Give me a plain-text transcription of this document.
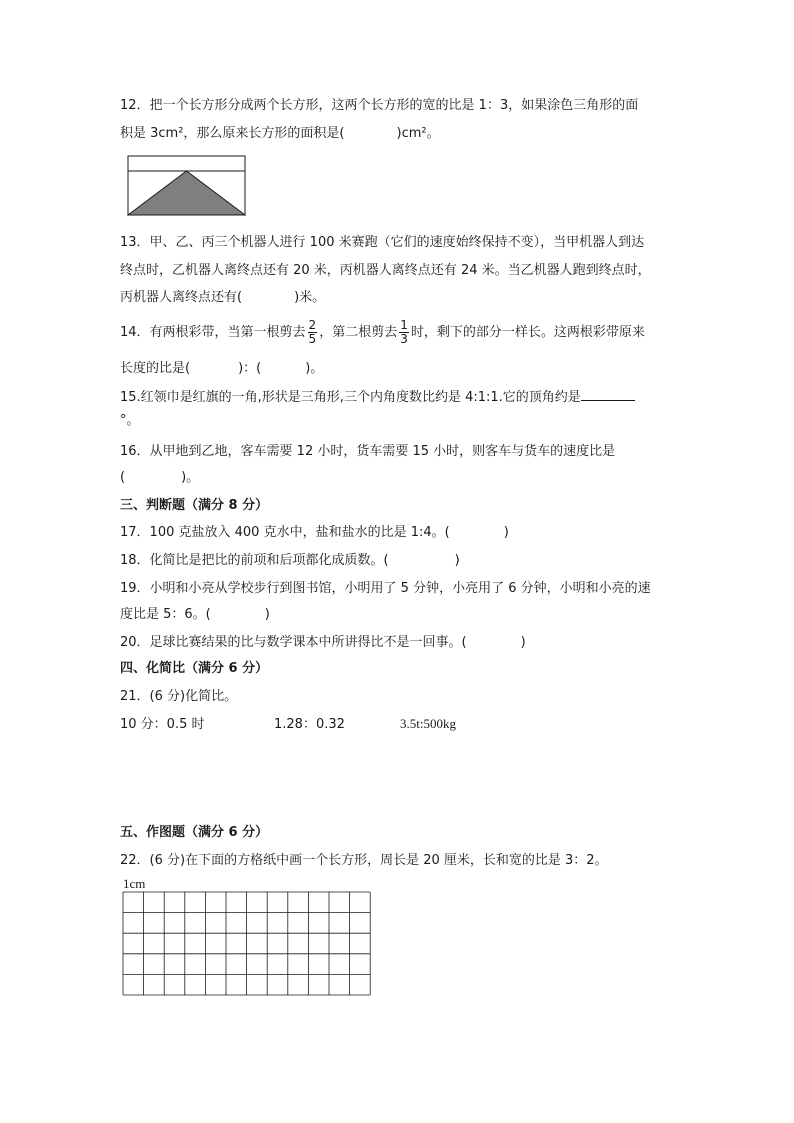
12．把一个长方形分成两个长方形，这两个长方形的宽的比是 1：3，如果涂色三角形的面
积是 3cm²，那么原来长方形的面积是(	)cm²。
13．甲、乙、丙三个机器人进行 100 米赛跑（它们的速度始终保持不变），当甲机器人到达
终点时，乙机器人离终点还有 20 米，丙机器人离终点还有 24 米。当乙机器人跑到终点时，
丙机器人离终点还有(	)米。
14．有两根彩带，当第一根剪去 $\frac{2}{5}$ ，第二根剪去 $\frac{1}{3}$ 时，剩下的部分一样长。这两根彩带原来
长度的比是(	)：(	)。
15.红领巾是红旗的一角,形状是三角形,三个内角度数比约是 4:1:1.它的顶角约是
°。
16．从甲地到乙地，客车需要 12 小时，货车需要 15 小时，则客车与货车的速度比是
(	)。
三、判断题（满分 8 分）
17．100 克盐放入 400 克水中，盐和盐水的比是 1:4。(	)
18．化简比是把比的前项和后项都化成质数。(	)
19．小明和小亮从学校步行到图书馆，小明用了 5 分钟，小亮用了 6 分钟，小明和小亮的速
度比是 5：6。(	)
20．足球比赛结果的比与数学课本中所讲得比不是一回事。(	)
四、化简比（满分 6 分）
21．(6 分)化简比。
10 分：0.5 时	1.28：0.32	3.5t:500kg
五、作图题（满分 6 分）
22．(6 分)在下面的方格纸中画一个长方形，周长是 20 厘米，长和宽的比是 3：2。
1cm
